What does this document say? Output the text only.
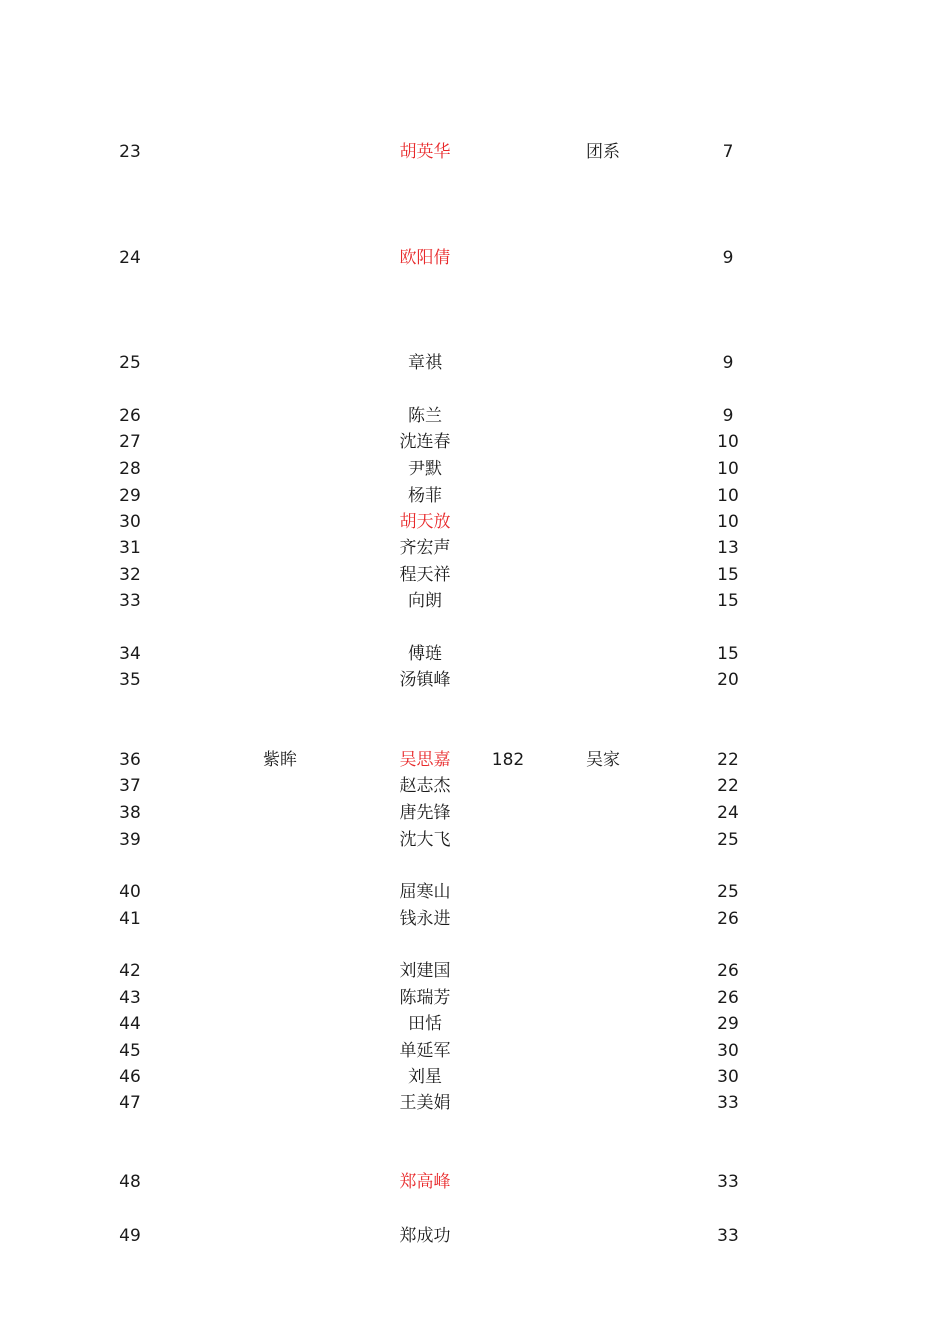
23	胡英华	团系	7
24	欧阳倩	9
25	章祺	9
26	陈兰	9
27	沈连春	10
28	尹默	10
29	杨菲	10
30	胡天放	10
31	齐宏声	13
32	程天祥	15
33	向朗	15
34	傅琏	15
35	汤镇峰	20
36	紫眸	吴思嘉	182	吴家	22
37	赵志杰	22
38	唐先锋	24
39	沈大飞	25
40	屈寒山	25
41	钱永进	26
42	刘建国	26
43	陈瑞芳	26
44	田恬	29
45	单延军	30
46	刘星	30
47	王美娟	33
48	郑高峰	33
49	郑成功	33
